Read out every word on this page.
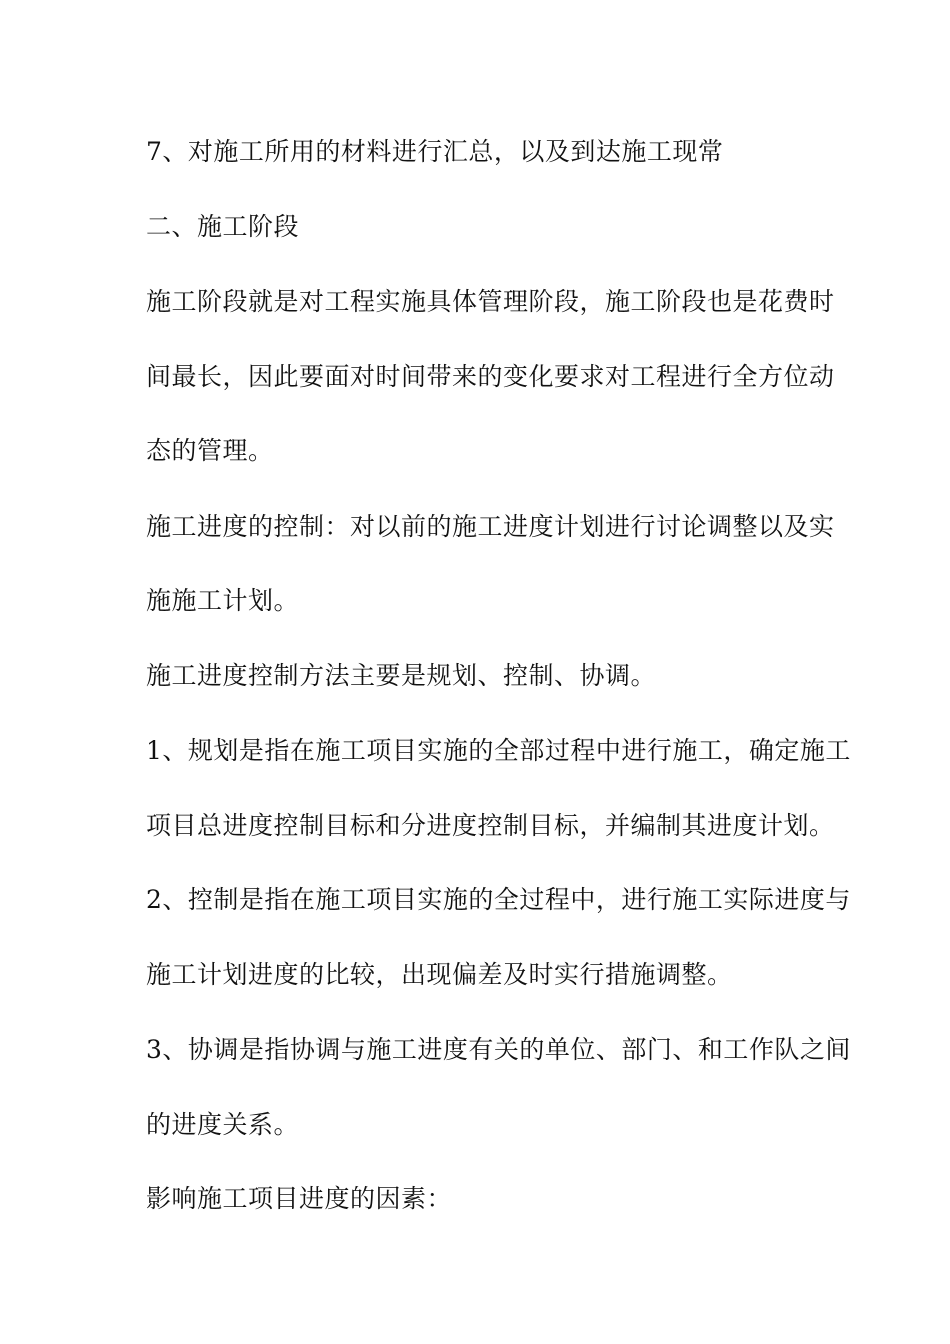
7、对施工所用的材料进行汇总，以及到达施工现常
二、施工阶段
施工阶段就是对工程实施具体管理阶段，施工阶段也是花费时
间最长，因此要面对时间带来的变化要求对工程进行全方位动
态的管理。
施工进度的控制：对以前的施工进度计划进行讨论调整以及实
施施工计划。
施工进度控制方法主要是规划、控制、协调。
1、规划是指在施工项目实施的全部过程中进行施工，确定施工
项目总进度控制目标和分进度控制目标，并编制其进度计划。
2、控制是指在施工项目实施的全过程中，进行施工实际进度与
施工计划进度的比较，出现偏差及时实行措施调整。
3、协调是指协调与施工进度有关的单位、部门、和工作队之间
的进度关系。
影响施工项目进度的因素：
